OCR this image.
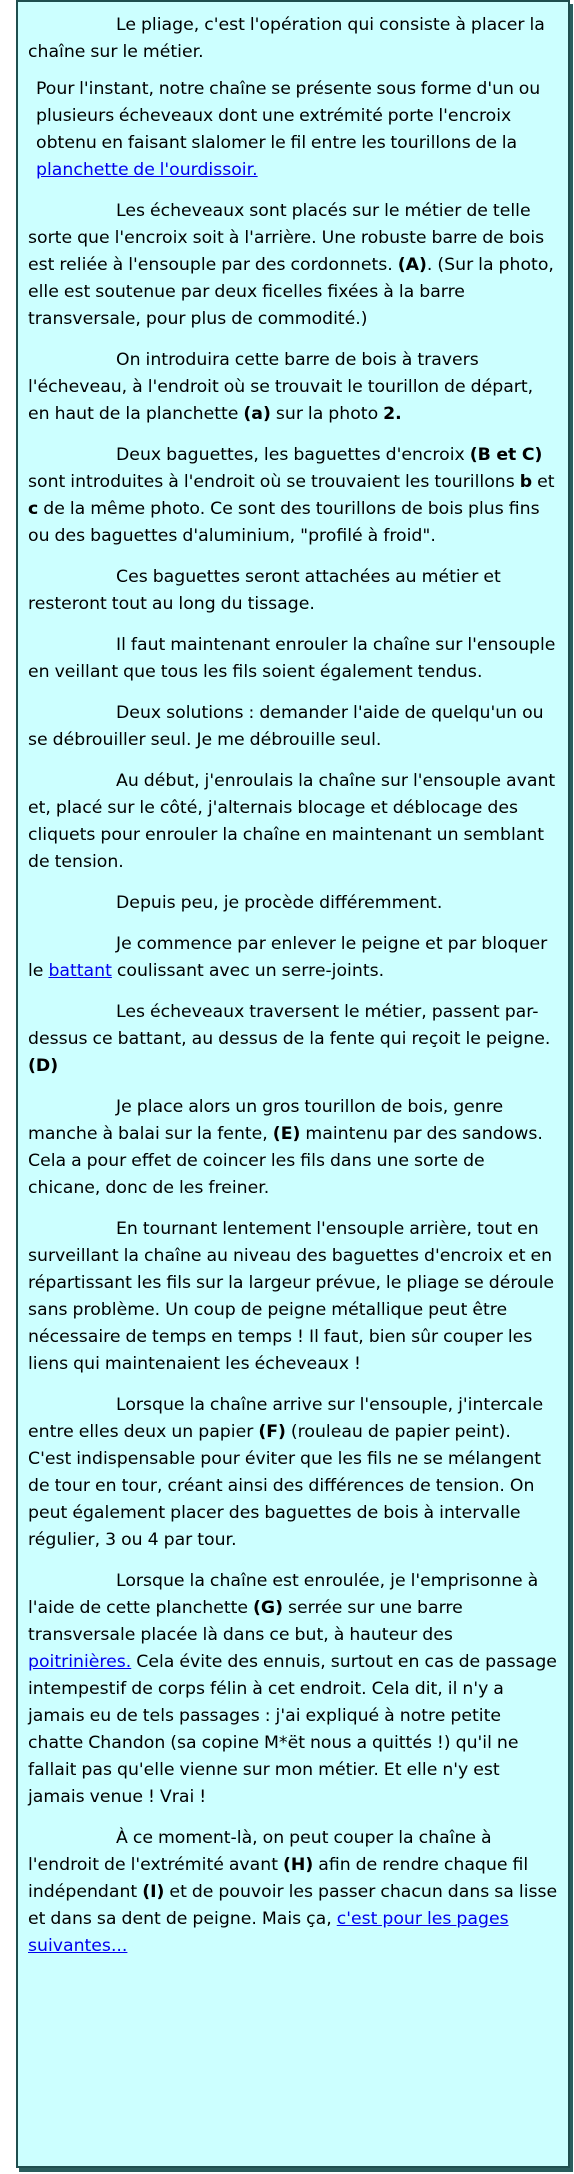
Le pliage, c'est l'opération qui consiste à placer la chaîne sur le métier.

Pour l'instant, notre chaîne se présente sous forme d'un ou plusieurs écheveaux dont une extrémité porte l'encroix obtenu en faisant slalomer le fil entre les tourillons de la planchette de l'ourdissoir.

Les écheveaux sont placés sur le métier de telle sorte que l'encroix soit à l'arrière. Une robuste barre de bois est reliée à l'ensouple par des cordonnets. (A). (Sur la photo, elle est soutenue par deux ficelles fixées à la barre transversale, pour plus de commodité.)

On introduira cette barre de bois à travers l'écheveau, à l'endroit où se trouvait le tourillon de départ, en haut de la planchette (a) sur la photo 2.

Deux baguettes, les baguettes d'encroix (B et C) sont introduites à l'endroit où se trouvaient les tourillons b et c de la même photo. Ce sont des tourillons de bois plus fins ou des baguettes d'aluminium, "profilé à froid".

Ces baguettes seront attachées au métier et resteront tout au long du tissage.

Il faut maintenant enrouler la chaîne sur l'ensouple en veillant que tous les fils soient également tendus.

Deux solutions : demander l'aide de quelqu'un ou se débrouiller seul. Je me débrouille seul.

Au début, j'enroulais la chaîne sur l'ensouple avant et, placé sur le côté, j'alternais blocage et déblocage des cliquets pour enrouler la chaîne en maintenant un semblant de tension.

Depuis peu, je procède différemment.

Je commence par enlever le peigne et par bloquer le battant coulissant avec un serre-joints.

Les écheveaux traversent le métier, passent par-dessus ce battant, au dessus de la fente qui reçoit le peigne. (D)

Je place alors un gros tourillon de bois, genre manche à balai sur la fente, (E) maintenu par des sandows. Cela a pour effet de coincer les fils dans une sorte de chicane, donc de les freiner.

En tournant lentement l'ensouple arrière, tout en surveillant la chaîne au niveau des baguettes d'encroix et en répartissant les fils sur la largeur prévue, le pliage se déroule sans problème. Un coup de peigne métallique peut être nécessaire de temps en temps ! Il faut, bien sûr couper les liens qui maintenaient les écheveaux !

Lorsque la chaîne arrive sur l'ensouple, j'intercale entre elles deux un papier (F) (rouleau de papier peint). C'est indispensable pour éviter que les fils ne se mélangent de tour en tour, créant ainsi des différences de tension. On peut également placer des baguettes de bois à intervalle régulier, 3 ou 4 par tour.

Lorsque la chaîne est enroulée, je l'emprisonne à l'aide de cette planchette (G) serrée sur une barre transversale placée là dans ce but, à hauteur des poitrinières. Cela évite des ennuis, surtout en cas de passage intempestif de corps félin à cet endroit. Cela dit, il n'y a jamais eu de tels passages : j'ai expliqué à notre petite chatte Chandon (sa copine M*ët nous a quittés !) qu'il ne fallait pas qu'elle vienne sur mon métier. Et elle n'y est jamais venue ! Vrai !

À ce moment-là, on peut couper la chaîne à l'endroit de l'extrémité avant (H) afin de rendre chaque fil indépendant (I) et de pouvoir les passer chacun dans sa lisse et dans sa dent de peigne. Mais ça, c'est pour les pages suivantes...
